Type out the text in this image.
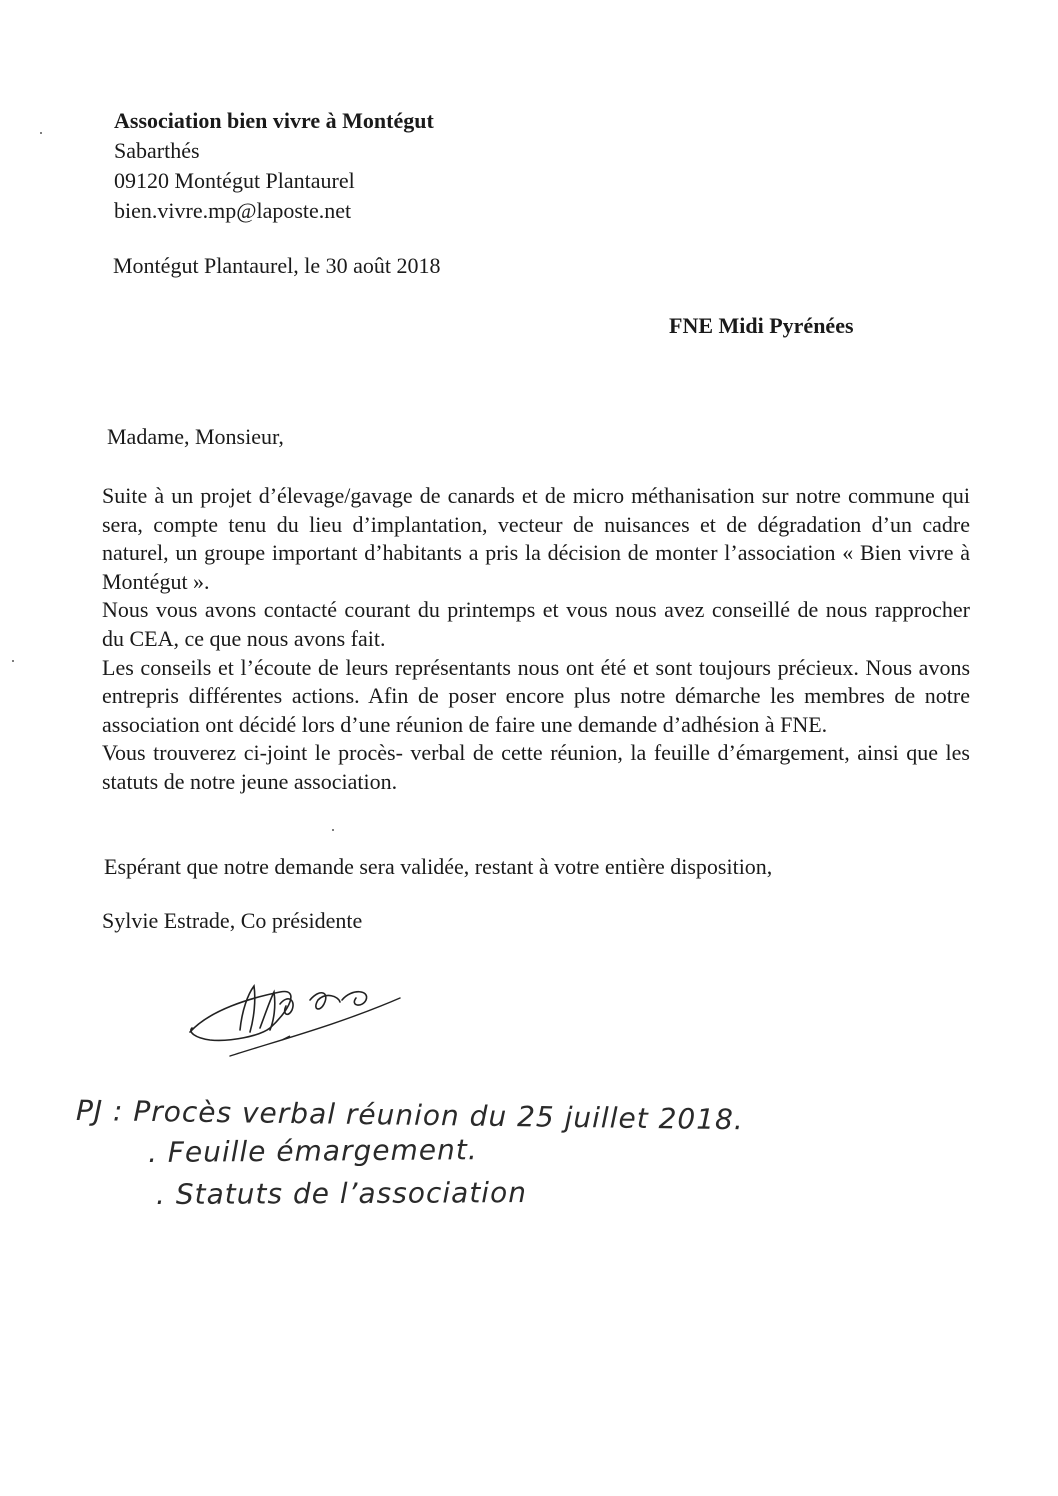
Association bien vivre à Montégut
Sabarthés
09120 Montégut Plantaurel
bien.vivre.mp@laposte.net
Montégut Plantaurel, le 30 août 2018
FNE Midi Pyrénées
Madame, Monsieur,

Suite à un projet d’élevage/gavage de canards et de micro méthanisation sur notre commune qui sera, compte tenu du lieu d’implantation, vecteur de nuisances et de dégradation d’un cadre naturel, un groupe important d’habitants a pris la décision de monter l’association « Bien vivre à Montégut ».

Nous vous avons contacté courant du printemps et vous nous avez conseillé de nous rapprocher du CEA, ce que nous avons fait.

Les conseils et l’écoute de leurs représentants nous ont été et sont toujours précieux. Nous avons entrepris différentes actions. Afin de poser encore plus notre démarche les membres de notre association ont décidé lors d’une réunion de faire une demande d’adhésion à FNE.

Vous trouverez ci-joint le procès- verbal de cette réunion, la feuille d’émargement, ainsi que les statuts de notre jeune association.

Espérant que notre demande sera validée, restant à votre entière disposition,
Sylvie Estrade, Co présidente
PJ : Procès verbal réunion du 25 juillet 2018.
. Feuille émargement.
. Statuts de l’association
